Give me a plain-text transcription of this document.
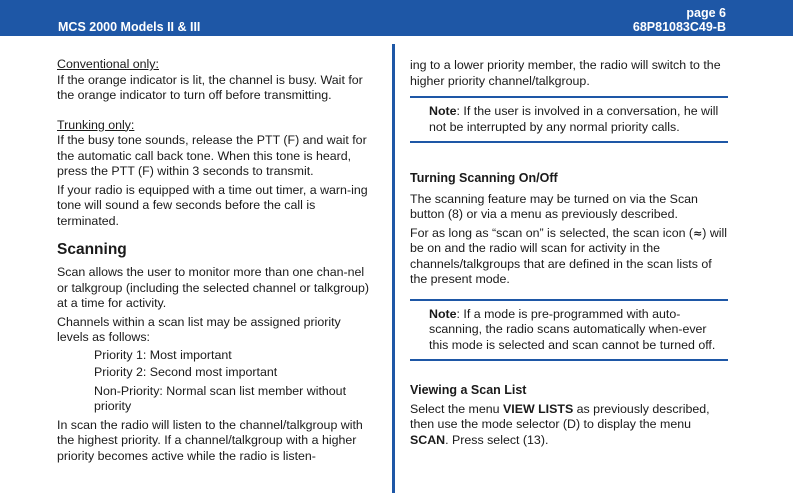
MCS 2000 Models II & III
page 6
68P81083C49-B

Conventional only:

If the orange indicator is lit, the channel is busy. Wait for the orange indicator to turn off before transmitting.

Trunking only:

If the busy tone sounds, release the PTT (F) and wait for the automatic call back tone. When this tone is heard, press the PTT (F) within 3 seconds to transmit.

If your radio is equipped with a time out timer, a warn-ing tone will sound a few seconds before the call is terminated.

Scanning

Scan allows the user to monitor more than one chan-nel or talkgroup (including the selected channel or talkgroup) at a time for activity.

Channels within a scan list may be assigned priority levels as follows:

Priority 1: Most important

Priority 2: Second most important

Non-Priority: Normal scan list member without priority

In scan the radio will listen to the channel/talkgroup with the highest priority. If a channel/talkgroup with a higher priority becomes active while the radio is listen-

ing to a lower priority member, the radio will switch to the higher priority channel/talkgroup.

Note: If the user is involved in a conversation, he will not be interrupted by any normal priority calls.

Turning Scanning On/Off

The scanning feature may be turned on via the Scan button (8) or via a menu as previously described.

For as long as “scan on” is selected, the scan icon (≈) will be on and the radio will scan for activity in the channels/talkgroups that are defined in the scan lists of the present mode.

Note: If a mode is pre-programmed with auto-scanning, the radio scans automatically when-ever this mode is selected and scan cannot be turned off.

Viewing a Scan List

Select the menu VIEW LISTS as previously described, then use the mode selector (D) to display the menu SCAN. Press select (13).
